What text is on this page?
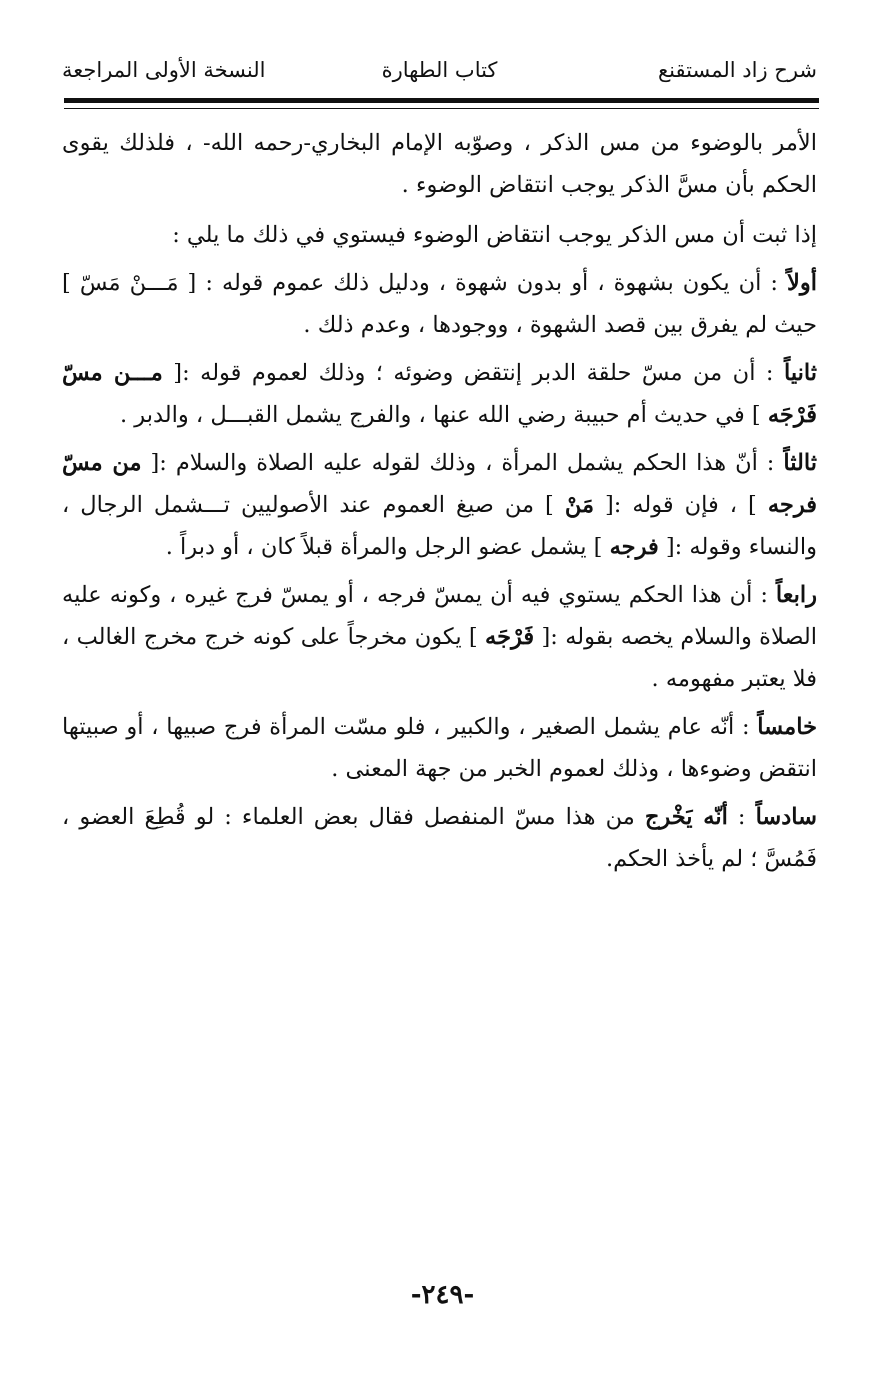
شرح زاد المستقنع
كتاب الطهارة
النسخة الأولى المراجعة

الأمر بالوضوء من مس الذكر ، وصوّبه الإمام البخاري-رحمه الله- ، فلذلك يقوى الحكم بأن مسَّ الذكر يوجب انتقاض الوضوء .

إذا ثبت أن مس الذكر يوجب انتقاض الوضوء فيستوي في ذلك ما يلي :

أولاً : أن يكون بشهوة ، أو بدون شهوة ، ودليل ذلك عموم قوله : [ مَـــنْ مَسّ ] حيث لم يفرق بين قصد الشهوة ، ووجودها ، وعدم ذلك .

ثانياً : أن من مسّ حلقة الدبر إنتقض وضوئه ؛ وذلك لعموم قوله :[ مـــن مسّ فَرْجَه ] في حديث أم حبيبة رضي الله عنها ، والفرج يشمل القبـــل ، والدبر .

ثالثاً : أنّ هذا الحكم يشمل المرأة ، وذلك لقوله عليه الصلاة والسلام :[ من مسّ فرجه ] ، فإن قوله :[ مَنْ ] من صيغ العموم عند الأصوليين تـــشمل الرجال ، والنساء وقوله :[ فرجه ] يشمل عضو الرجل والمرأة قبلاً كان ، أو دبراً .

رابعاً : أن هذا الحكم يستوي فيه أن يمسّ فرجه ، أو يمسّ فرج غيره ، وكونه عليه الصلاة والسلام يخصه بقوله :[ فَرْجَه ] يكون مخرجاً على كونه خرج مخرج الغالب ، فلا يعتبر مفهومه .

خامساً : أنّه عام يشمل الصغير ، والكبير ، فلو مسّت المرأة فرج صبيها ، أو صبيتها انتقض وضوءها ، وذلك لعموم الخبر من جهة المعنى .

سادساً : أنّه يَخْرج من هذا مسّ المنفصل فقال بعض العلماء : لو قُطِعَ العضو ، فَمُسَّ ؛ لم يأخذ الحكم.

-٢٤٩-
